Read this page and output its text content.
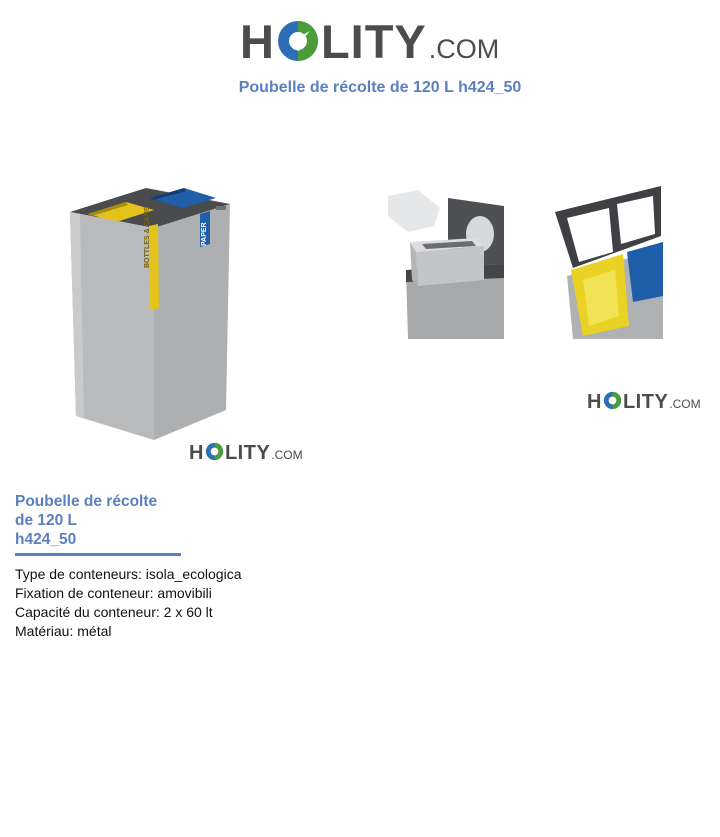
H LITY .COM
Poubelle de récolte de 120 L h424_50
BOTTLES & CANS	PAPER
H LITY .COM
H LITY .COM
Poubelle de récolte
de 120 L
h424_50
Type de conteneurs: isola_ecologica
Fixation de conteneur: amovibili
Capacité du conteneur: 2 x 60 lt
Matériau: métal
